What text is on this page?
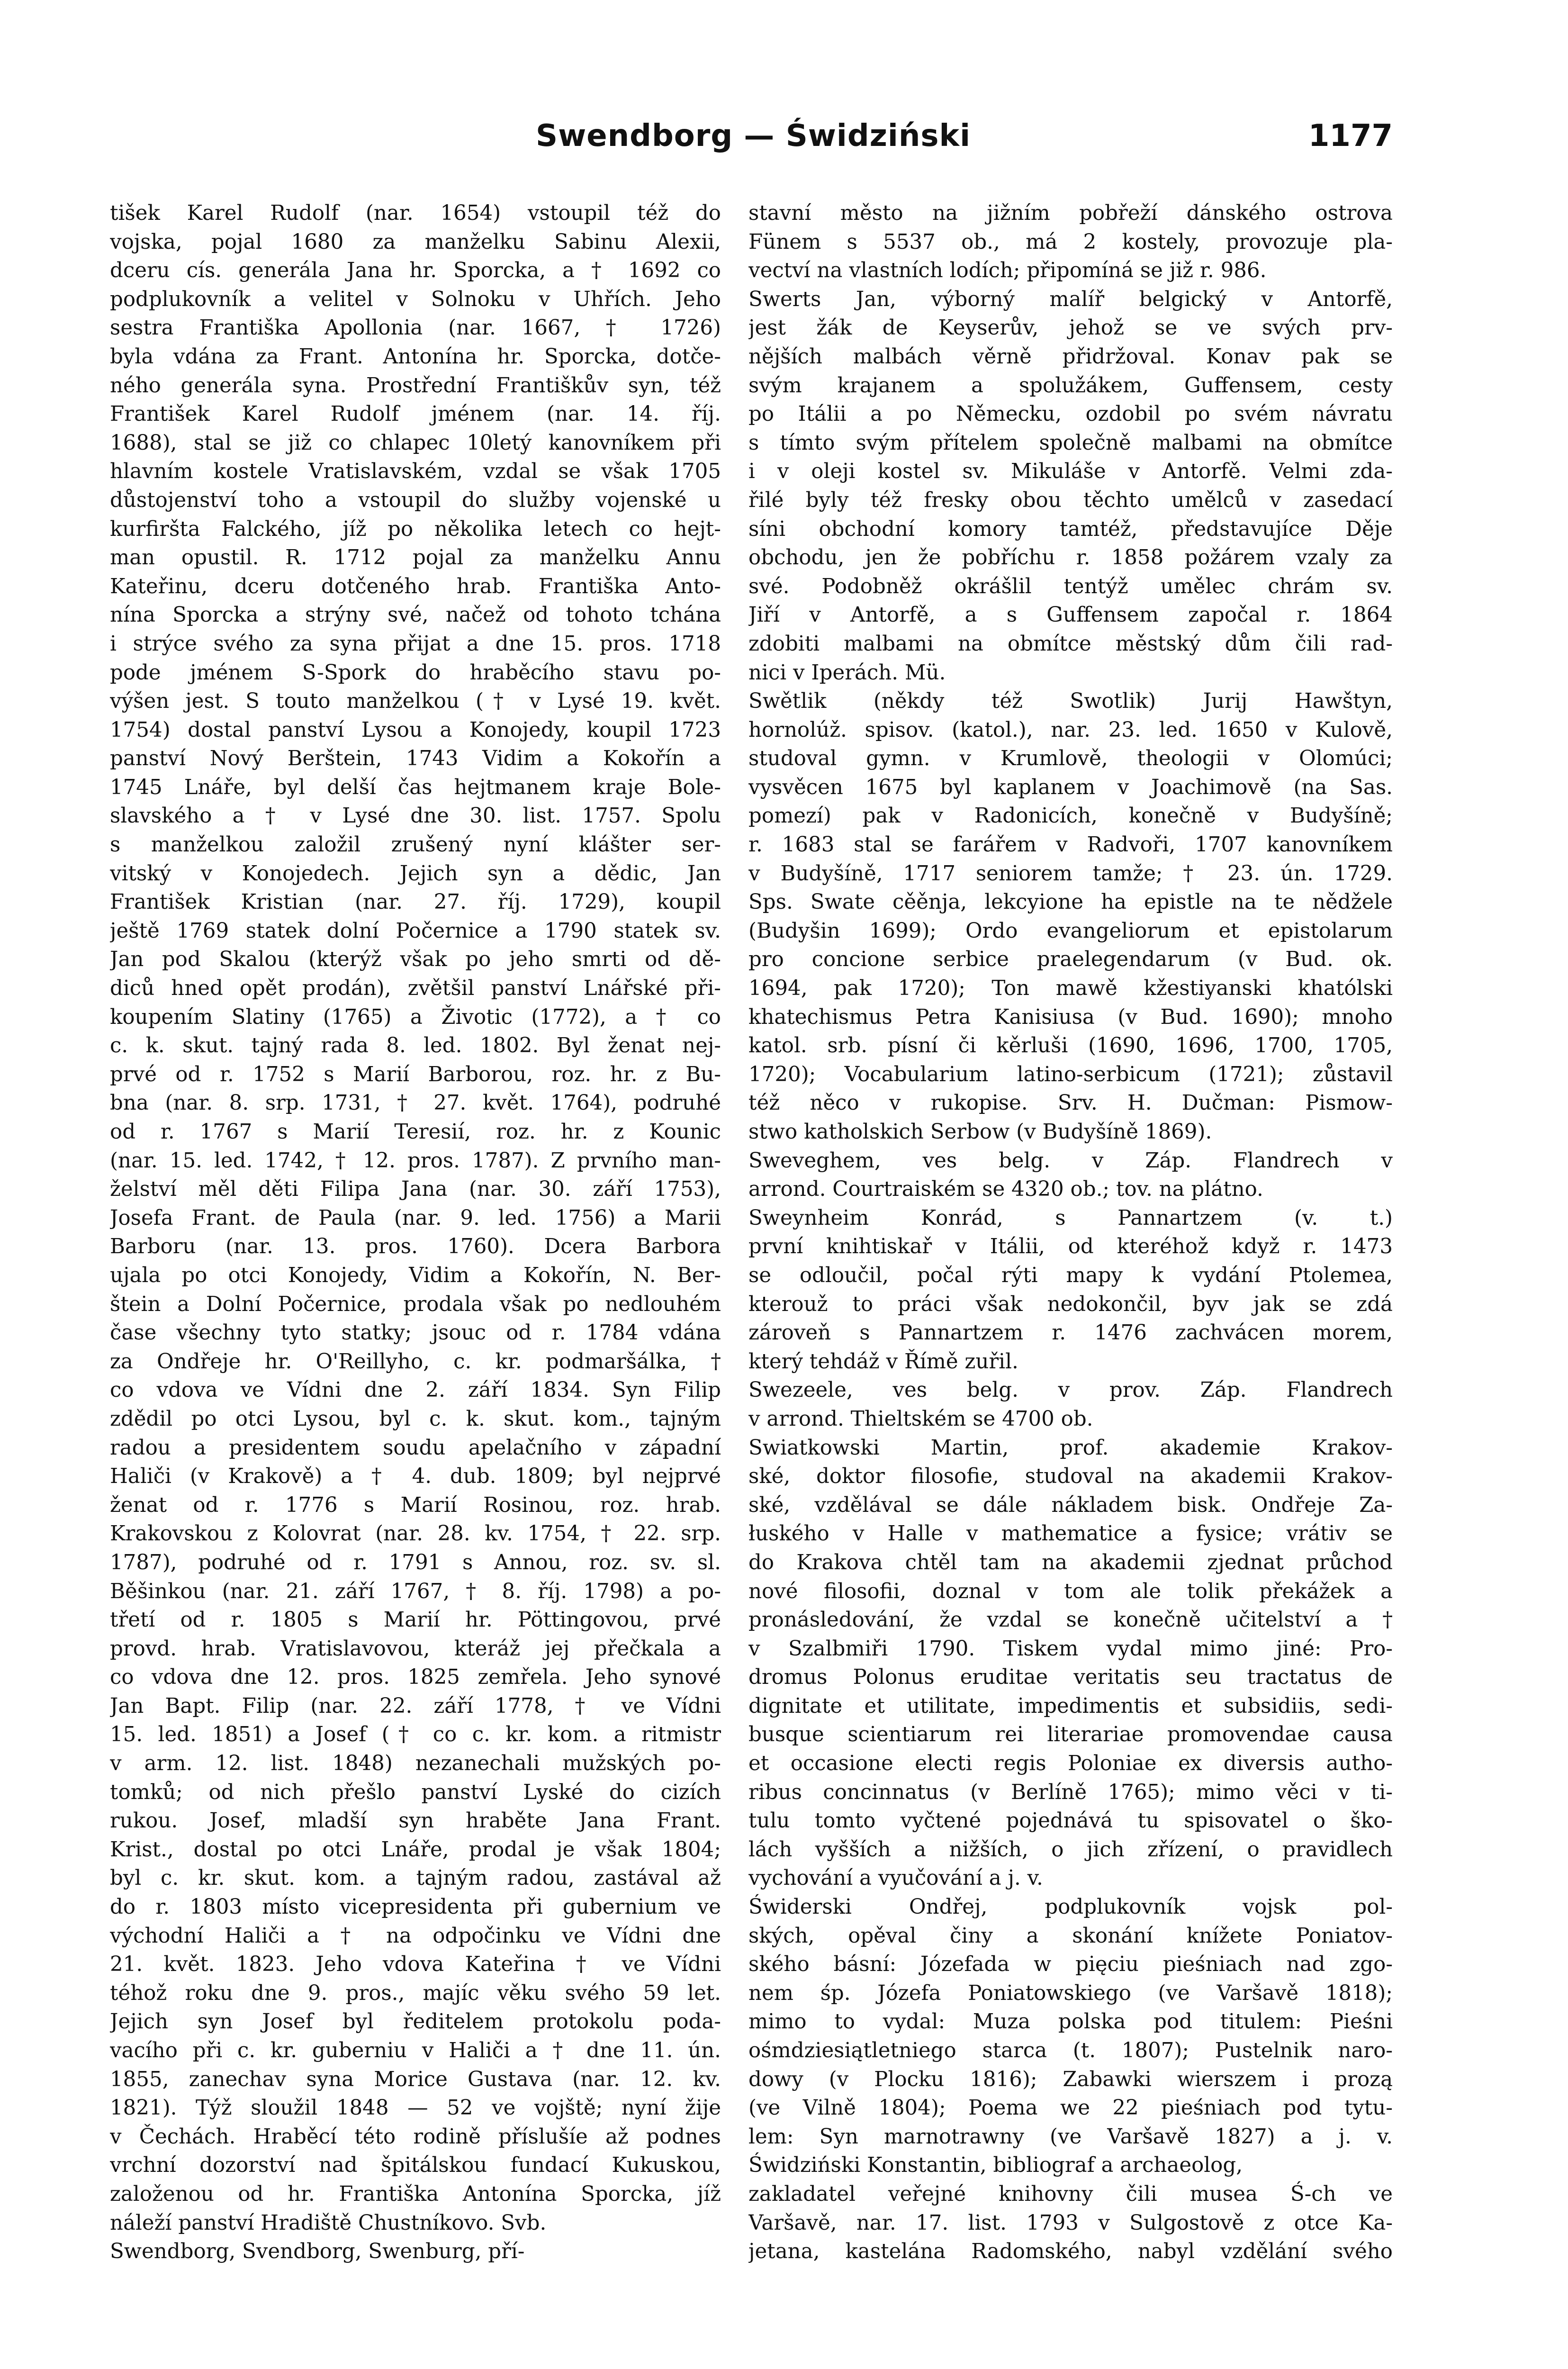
Swendborg — Świdziński	1177
tišek Karel Rudolf (nar. 1654) vstoupil též do
vojska, pojal 1680 za manželku Sabinu Alexii,
dceru cís. generála Jana hr. Sporcka, a † 1692 co
podplukovník a velitel v Solnoku v Uhřích. Jeho
sestra Františka Apollonia (nar. 1667, † 1726)
byla vdána za Frant. Antonína hr. Sporcka, dotče-
ného generála syna. Prostřední Františkův syn, též
František Karel Rudolf jménem (nar. 14. říj.
1688), stal se již co chlapec 10letý kanovníkem při
hlavním kostele Vratislavském, vzdal se však 1705
důstojenství toho a vstoupil do služby vojenské u
kurfiršta Falckého, jíž po několika letech co hejt-
man opustil. R. 1712 pojal za manželku Annu
Kateřinu, dceru dotčeného hrab. Františka Anto-
nína Sporcka a strýny své, načež od tohoto tchána
i strýce svého za syna přijat a dne 15. pros. 1718
pode jménem S-Spork do hraběcího stavu po-
výšen jest. S touto manželkou († v Lysé 19. květ.
1754) dostal panství Lysou a Konojedy, koupil 1723
panství Nový Berštein, 1743 Vidim a Kokořín a
1745 Lnáře, byl delší čas hejtmanem kraje Bole-
slavského a † v Lysé dne 30. list. 1757. Spolu
s manželkou založil zrušený nyní klášter ser-
vitský v Konojedech. Jejich syn a dědic, Jan
František Kristian (nar. 27. říj. 1729), koupil
ještě 1769 statek dolní Počernice a 1790 statek sv.
Jan pod Skalou (kterýž však po jeho smrti od dě-
diců hned opět prodán), zvětšil panství Lnářské při-
koupením Slatiny (1765) a Životic (1772), a † co
c. k. skut. tajný rada 8. led. 1802. Byl ženat nej-
prvé od r. 1752 s Marií Barborou, roz. hr. z Bu-
bna (nar. 8. srp. 1731, † 27. květ. 1764), podruhé
od r. 1767 s Marií Teresií, roz. hr. z Kounic
(nar. 15. led. 1742, † 12. pros. 1787). Z prvního man-
želství měl děti Filipa Jana (nar. 30. září 1753),
Josefa Frant. de Paula (nar. 9. led. 1756) a Marii
Barboru (nar. 13. pros. 1760). Dcera Barbora
ujala po otci Konojedy, Vidim a Kokořín, N. Ber-
štein a Dolní Počernice, prodala však po nedlouhém
čase všechny tyto statky; jsouc od r. 1784 vdána
za Ondřeje hr. O'Reillyho, c. kr. podmaršálka, †
co vdova ve Vídni dne 2. září 1834. Syn Filip
zdědil po otci Lysou, byl c. k. skut. kom., tajným
radou a presidentem soudu apelačního v západní
Haliči (v Krakově) a † 4. dub. 1809; byl nejprvé
ženat od r. 1776 s Marií Rosinou, roz. hrab.
Krakovskou z Kolovrat (nar. 28. kv. 1754, † 22. srp.
1787), podruhé od r. 1791 s Annou, roz. sv. sl.
Běšinkou (nar. 21. září 1767, † 8. říj. 1798) a po-
třetí od r. 1805 s Marií hr. Pöttingovou, prvé
provd. hrab. Vratislavovou, kteráž jej přečkala a
co vdova dne 12. pros. 1825 zemřela. Jeho synové
Jan Bapt. Filip (nar. 22. září 1778, † ve Vídni
15. led. 1851) a Josef († co c. kr. kom. a ritmistr
v arm. 12. list. 1848) nezanechali mužských po-
tomků; od nich přešlo panství Lyské do cizích
rukou. Josef, mladší syn hraběte Jana Frant.
Krist., dostal po otci Lnáře, prodal je však 1804;
byl c. kr. skut. kom. a tajným radou, zastával až
do r. 1803 místo vicepresidenta při gubernium ve
východní Haliči a † na odpočinku ve Vídni dne
21. květ. 1823. Jeho vdova Kateřina † ve Vídni
téhož roku dne 9. pros., majíc věku svého 59 let.
Jejich syn Josef byl ředitelem protokolu poda-
vacího při c. kr. guberniu v Haliči a † dne 11. ún.
1855, zanechav syna Morice Gustava (nar. 12. kv.
1821). Týž sloužil 1848 — 52 ve vojště; nyní žije
v Čechách. Hraběcí této rodině příslušíe až podnes
vrchní dozorství nad špitálskou fundací Kukuskou,
založenou od hr. Františka Antonína Sporcka, jíž
náleží panství Hradiště Chustníkovo. Svb.
Swendborg, Svendborg, Swenburg, pří-
stavní město na jižním pobřeží dánského ostrova
Fünem s 5537 ob., má 2 kostely, provozuje pla-
vectví na vlastních lodích; připomíná se již r. 986.
Swerts Jan, výborný malíř belgický v Antorfě,
jest žák de Keyserův, jehož se ve svých prv-
nějších malbách věrně přidržoval. Konav pak se
svým krajanem a spolužákem, Guffensem, cesty
po Itálii a po Německu, ozdobil po svém návratu
s tímto svým přítelem společně malbami na obmítce
i v oleji kostel sv. Mikuláše v Antorfě. Velmi zda-
řilé byly též fresky obou těchto umělců v zasedací
síni obchodní komory tamtéž, představujíce Děje
obchodu, jen že pobříchu r. 1858 požárem vzaly za
své. Podobněž okrášlil tentýž umělec chrám sv.
Jiří v Antorfě, a s Guffensem započal r. 1864
zdobiti malbami na obmítce městský dům čili rad-
nici v Iperách. Mü.
Swětlik (někdy též Swotlik) Jurij Hawštyn,
hornolúž. spisov. (katol.), nar. 23. led. 1650 v Kulově,
studoval gymn. v Krumlově, theologii v Olomúci;
vysvěcen 1675 byl kaplanem v Joachimově (na Sas.
pomezí) pak v Radonicích, konečně v Budyšíně;
r. 1683 stal se farářem v Radvoři, 1707 kanovníkem
v Budyšíně, 1717 seniorem tamže; † 23. ún. 1729.
Sps. Swate cěěnja, lekcyione ha epistle na te nědžele
(Budyšin 1699); Ordo evangeliorum et epistolarum
pro concione serbice praelegendarum (v Bud. ok.
1694, pak 1720); Ton mawě kžestiyanski khatólski
khatechismus Petra Kanisiusa (v Bud. 1690); mnoho
katol. srb. písní či kěrluši (1690, 1696, 1700, 1705,
1720); Vocabularium latino-serbicum (1721); zůstavil
též něco v rukopise. Srv. H. Dučman: Pismow-
stwo katholskich Serbow (v Budyšíně 1869).
Sweveghem, ves belg. v Záp. Flandrech v
arrond. Courtraiském se 4320 ob.; tov. na plátno.
Sweynheim Konrád, s Pannartzem (v. t.)
první knihtiskař v Itálii, od kteréhož když r. 1473
se odloučil, počal rýti mapy k vydání Ptolemea,
kterouž to práci však nedokončil, byv jak se zdá
zároveň s Pannartzem r. 1476 zachvácen morem,
který tehdáž v Římě zuřil.
Swezeele, ves belg. v prov. Záp. Flandrech
v arrond. Thieltském se 4700 ob.
Swiatkowski Martin, prof. akademie Krakov-
ské, doktor filosofie, studoval na akademii Krakov-
ské, vzdělával se dále nákladem bisk. Ondřeje Za-
łuského v Halle v mathematice a fysice; vrátiv se
do Krakova chtěl tam na akademii zjednat průchod
nové filosofii, doznal v tom ale tolik překážek a
pronásledování, že vzdal se konečně učitelství a †
v Szalbmiři 1790. Tiskem vydal mimo jiné: Pro-
dromus Polonus eruditae veritatis seu tractatus de
dignitate et utilitate, impedimentis et subsidiis, sedi-
busque scientiarum rei literariae promovendae causa
et occasione electi regis Poloniae ex diversis autho-
ribus concinnatus (v Berlíně 1765); mimo věci v ti-
tulu tomto vyčtené pojednává tu spisovatel o ško-
lách vyšších a nižších, o jich zřízení, o pravidlech
vychování a vyučování a j. v.
Świderski Ondřej, podplukovník vojsk pol-
ských, opěval činy a skonání knížete Poniatov-
ského básní: Józefada w pięciu pieśniach nad zgo-
nem śp. Józefa Poniatowskiego (ve Varšavě 1818);
mimo to vydal: Muza polska pod titulem: Pieśni
ośmdziesiątletniego starca (t. 1807); Pustelnik naro-
dowy (v Plocku 1816); Zabawki wierszem i prozą
(ve Vilně 1804); Poema we 22 pieśniach pod tytu-
lem: Syn marnotrawny (ve Varšavě 1827) a j. v.
Świdziński Konstantin, bibliograf a archaeolog,
zakladatel veřejné knihovny čili musea Ś-ch ve
Varšavě, nar. 17. list. 1793 v Sulgostově z otce Ka-
jetana, kastelána Radomského, nabyl vzdělání svého
